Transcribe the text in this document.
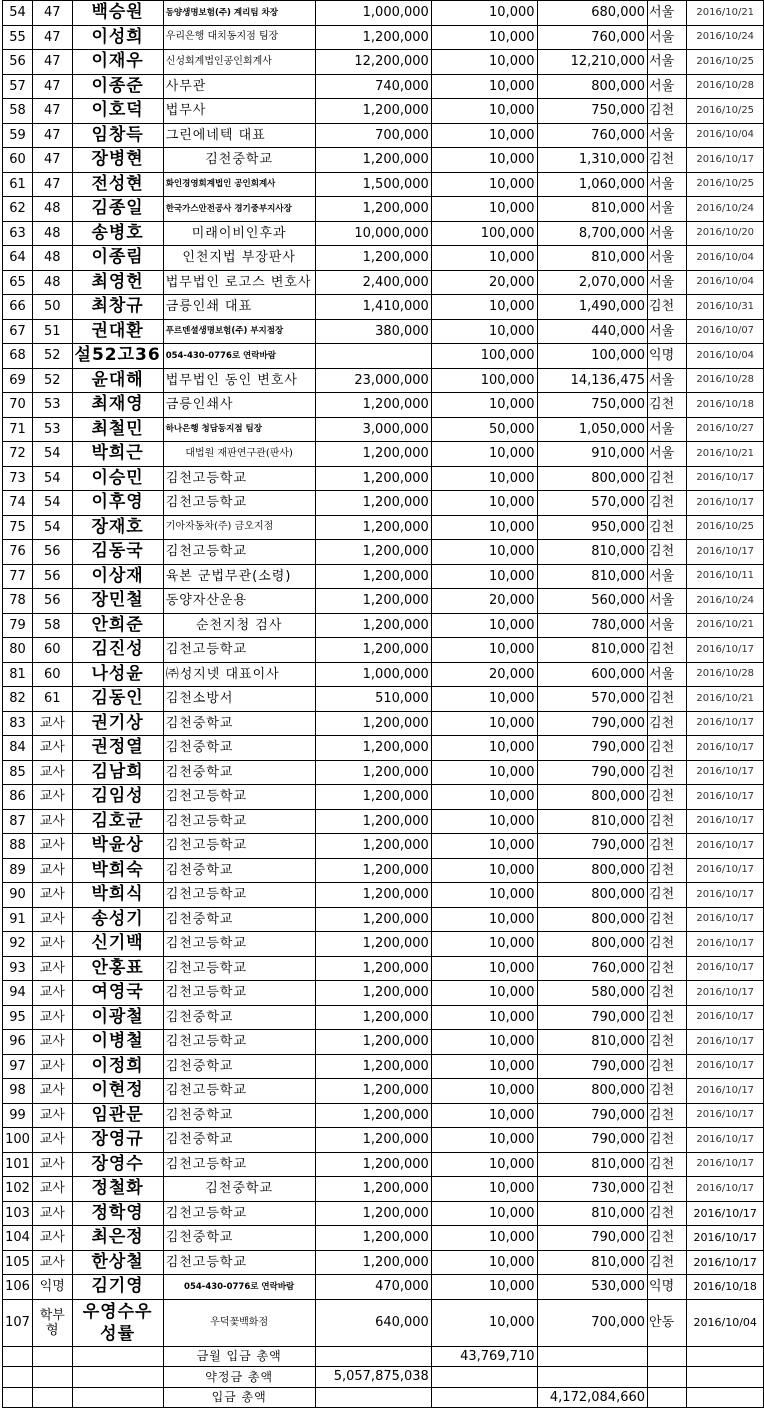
54	47	백승원	동양생명보험(주) 계리팀 차장	1,000,000	10,000	680,000	서울	2016/10/21
55	47	이성희	우리은행 대치동지점 팀장	1,200,000	10,000	760,000	서울	2016/10/24
56	47	이재우	신성회계법인공인회계사	12,200,000	10,000	12,210,000	서울	2016/10/25
57	47	이종준	사무관	740,000	10,000	800,000	서울	2016/10/28
58	47	이호덕	법무사	1,200,000	10,000	750,000	김천	2016/10/25
59	47	임창득	그린에네텍 대표	700,000	10,000	760,000	서울	2016/10/04
60	47	장병현	김천중학교	1,200,000	10,000	1,310,000	김천	2016/10/17
61	47	전성현	화인경영회계법인 공인회계사	1,500,000	10,000	1,060,000	서울	2016/10/25
62	48	김종일	한국가스안전공사 경기중부지사장	1,200,000	10,000	810,000	서울	2016/10/24
63	48	송병호	미래이비인후과	10,000,000	100,000	8,700,000	서울	2016/10/20
64	48	이종림	인천지법 부장판사	1,200,000	10,000	810,000	서울	2016/10/04
65	48	최영헌	법무법인 로고스 변호사	2,400,000	20,000	2,070,000	서울	2016/10/04
66	50	최창규	금릉인쇄 대표	1,410,000	10,000	1,490,000	김천	2016/10/31
67	51	권대환	푸르덴셜생명보험(주) 부지점장	380,000	10,000	440,000	서울	2016/10/07
68	52	설52고36	054-430-0776로 연락바람		100,000	100,000	익명	2016/10/04
69	52	윤대해	법무법인 동인 변호사	23,000,000	100,000	14,136,475	서울	2016/10/28
70	53	최재영	금릉인쇄사	1,200,000	10,000	750,000	김천	2016/10/18
71	53	최철민	하나은행 청담동지점 팀장	3,000,000	50,000	1,050,000	서울	2016/10/27
72	54	박희근	대법원 재판연구관(판사)	1,200,000	10,000	910,000	서울	2016/10/21
73	54	이승민	김천고등학교	1,200,000	10,000	800,000	김천	2016/10/17
74	54	이후영	김천고등학교	1,200,000	10,000	570,000	김천	2016/10/17
75	54	장재호	기아자동차(주) 금오지점	1,200,000	10,000	950,000	김천	2016/10/25
76	56	김동국	김천고등학교	1,200,000	10,000	810,000	김천	2016/10/17
77	56	이상재	육본 군법무관(소령)	1,200,000	10,000	810,000	서울	2016/10/11
78	56	장민철	동양자산운용	1,200,000	20,000	560,000	서울	2016/10/24
79	58	안희준	순천지청 검사	1,200,000	10,000	780,000	서울	2016/10/21
80	60	김진성	김천고등학교	1,200,000	10,000	810,000	김천	2016/10/17
81	60	나성윤	㈜성지넷 대표이사	1,000,000	20,000	600,000	서울	2016/10/28
82	61	김동인	김천소방서	510,000	10,000	570,000	김천	2016/10/21
83	교사	권기상	김천중학교	1,200,000	10,000	790,000	김천	2016/10/17
84	교사	권정열	김천중학교	1,200,000	10,000	790,000	김천	2016/10/17
85	교사	김남희	김천중학교	1,200,000	10,000	790,000	김천	2016/10/17
86	교사	김임성	김천고등학교	1,200,000	10,000	800,000	김천	2016/10/17
87	교사	김호균	김천고등학교	1,200,000	10,000	810,000	김천	2016/10/17
88	교사	박윤상	김천고등학교	1,200,000	10,000	790,000	김천	2016/10/17
89	교사	박희숙	김천중학교	1,200,000	10,000	800,000	김천	2016/10/17
90	교사	박희식	김천고등학교	1,200,000	10,000	800,000	김천	2016/10/17
91	교사	송성기	김천중학교	1,200,000	10,000	800,000	김천	2016/10/17
92	교사	신기백	김천고등학교	1,200,000	10,000	800,000	김천	2016/10/17
93	교사	안홍표	김천고등학교	1,200,000	10,000	760,000	김천	2016/10/17
94	교사	여영국	김천고등학교	1,200,000	10,000	580,000	김천	2016/10/17
95	교사	이광철	김천중학교	1,200,000	10,000	790,000	김천	2016/10/17
96	교사	이병철	김천고등학교	1,200,000	10,000	810,000	김천	2016/10/17
97	교사	이정희	김천중학교	1,200,000	10,000	790,000	김천	2016/10/17
98	교사	이현정	김천고등학교	1,200,000	10,000	800,000	김천	2016/10/17
99	교사	임관문	김천중학교	1,200,000	10,000	790,000	김천	2016/10/17
100	교사	장영규	김천중학교	1,200,000	10,000	790,000	김천	2016/10/17
101	교사	장영수	김천고등학교	1,200,000	10,000	810,000	김천	2016/10/17
102	교사	정철화	김천중학교	1,200,000	10,000	730,000	김천	2016/10/17
103	교사	정학영	김천고등학교	1,200,000	10,000	810,000	김천	2016/10/17
104	교사	최은정	김천중학교	1,200,000	10,000	790,000	김천	2016/10/17
105	교사	한상철	김천고등학교	1,200,000	10,000	810,000	김천	2016/10/17
106	익명	김기영	054-430-0776로 연락바람	470,000	10,000	530,000	익명	2016/10/18
107	학부형	우영수우성률	우덕꽃백화점	640,000	10,000	700,000	안동	2016/10/04
			금월 입금 총액		43,769,710			
			약정금 총액	5,057,875,038				
			입금 총액			4,172,084,660		
